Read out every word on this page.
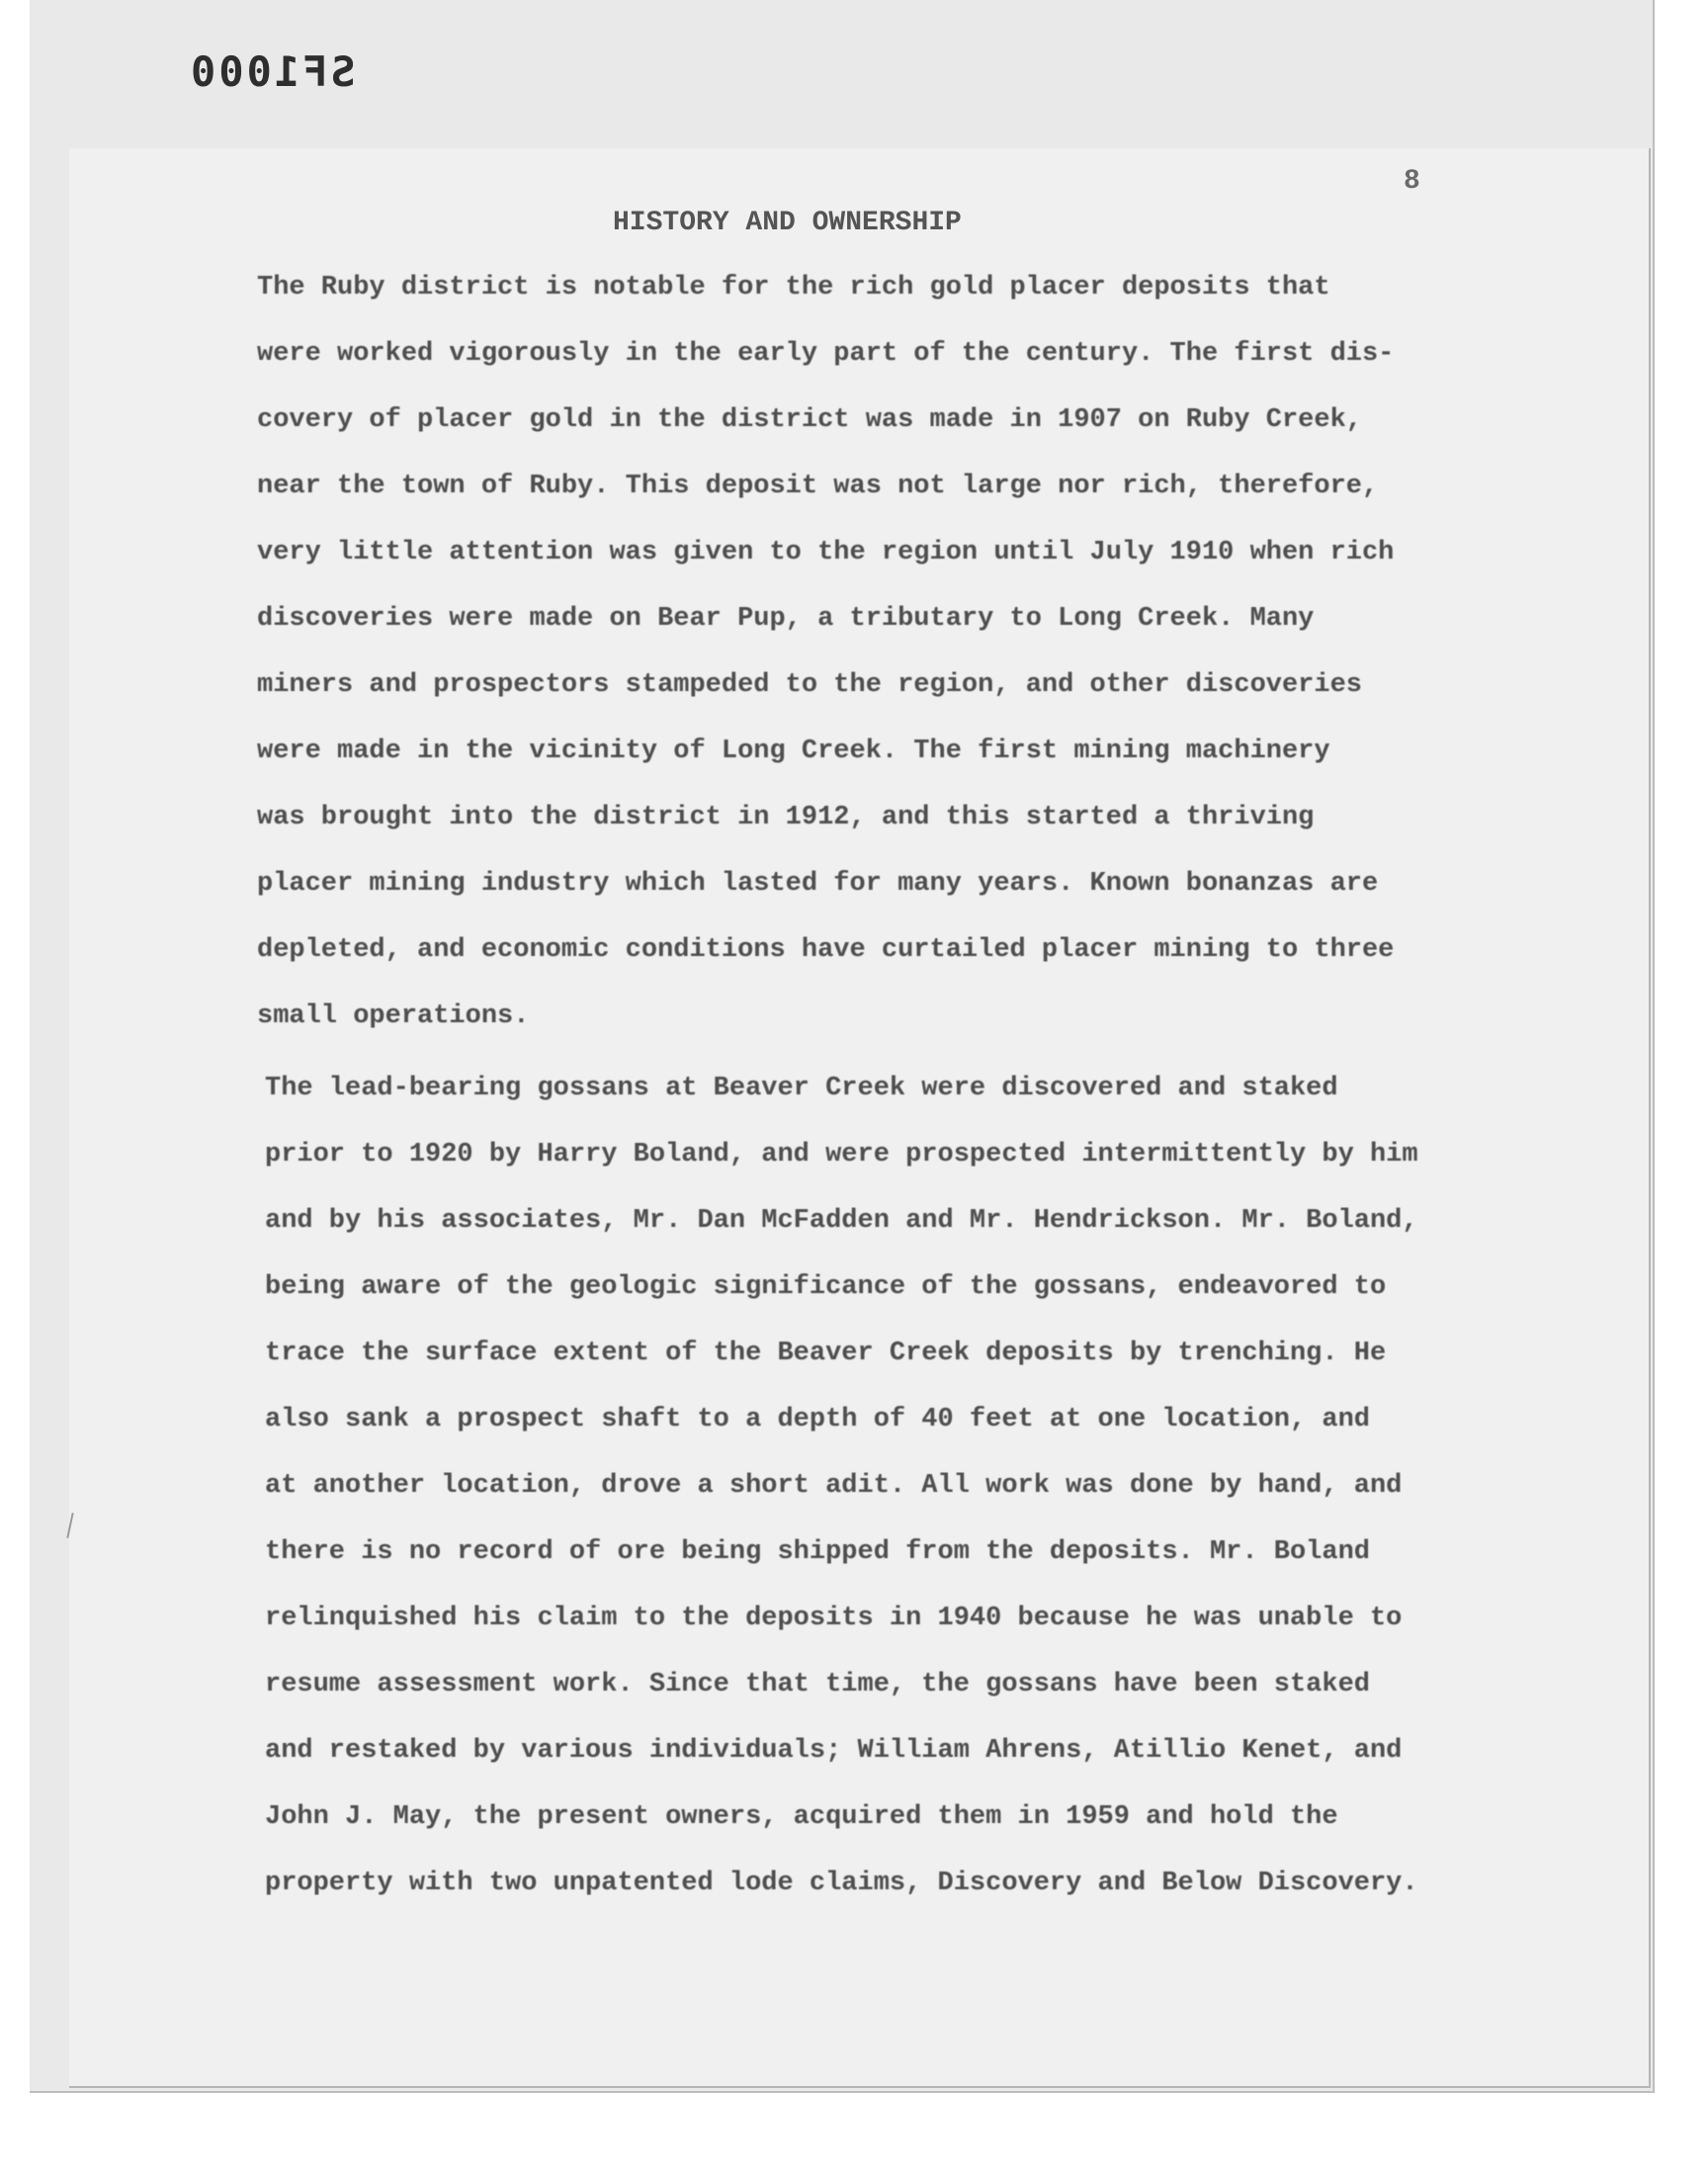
SF1000
8
HISTORY AND OWNERSHIP
The Ruby district is notable for the rich gold placer deposits that
were worked vigorously in the early part of the century. The first dis-
covery of placer gold in the district was made in 1907 on Ruby Creek,
near the town of Ruby. This deposit was not large nor rich, therefore,
very little attention was given to the region until July 1910 when rich
discoveries were made on Bear Pup, a tributary to Long Creek. Many
miners and prospectors stampeded to the region, and other discoveries
were made in the vicinity of Long Creek. The first mining machinery
was brought into the district in 1912, and this started a thriving
placer mining industry which lasted for many years. Known bonanzas are
depleted, and economic conditions have curtailed placer mining to three
small operations.
The lead-bearing gossans at Beaver Creek were discovered and staked
prior to 1920 by Harry Boland, and were prospected intermittently by him
and by his associates, Mr. Dan McFadden and Mr. Hendrickson. Mr. Boland,
being aware of the geologic significance of the gossans, endeavored to
trace the surface extent of the Beaver Creek deposits by trenching. He
also sank a prospect shaft to a depth of 40 feet at one location, and
at another location, drove a short adit. All work was done by hand, and
there is no record of ore being shipped from the deposits. Mr. Boland
relinquished his claim to the deposits in 1940 because he was unable to
resume assessment work. Since that time, the gossans have been staked
and restaked by various individuals; William Ahrens, Atillio Kenet, and
John J. May, the present owners, acquired them in 1959 and hold the
property with two unpatented lode claims, Discovery and Below Discovery.
